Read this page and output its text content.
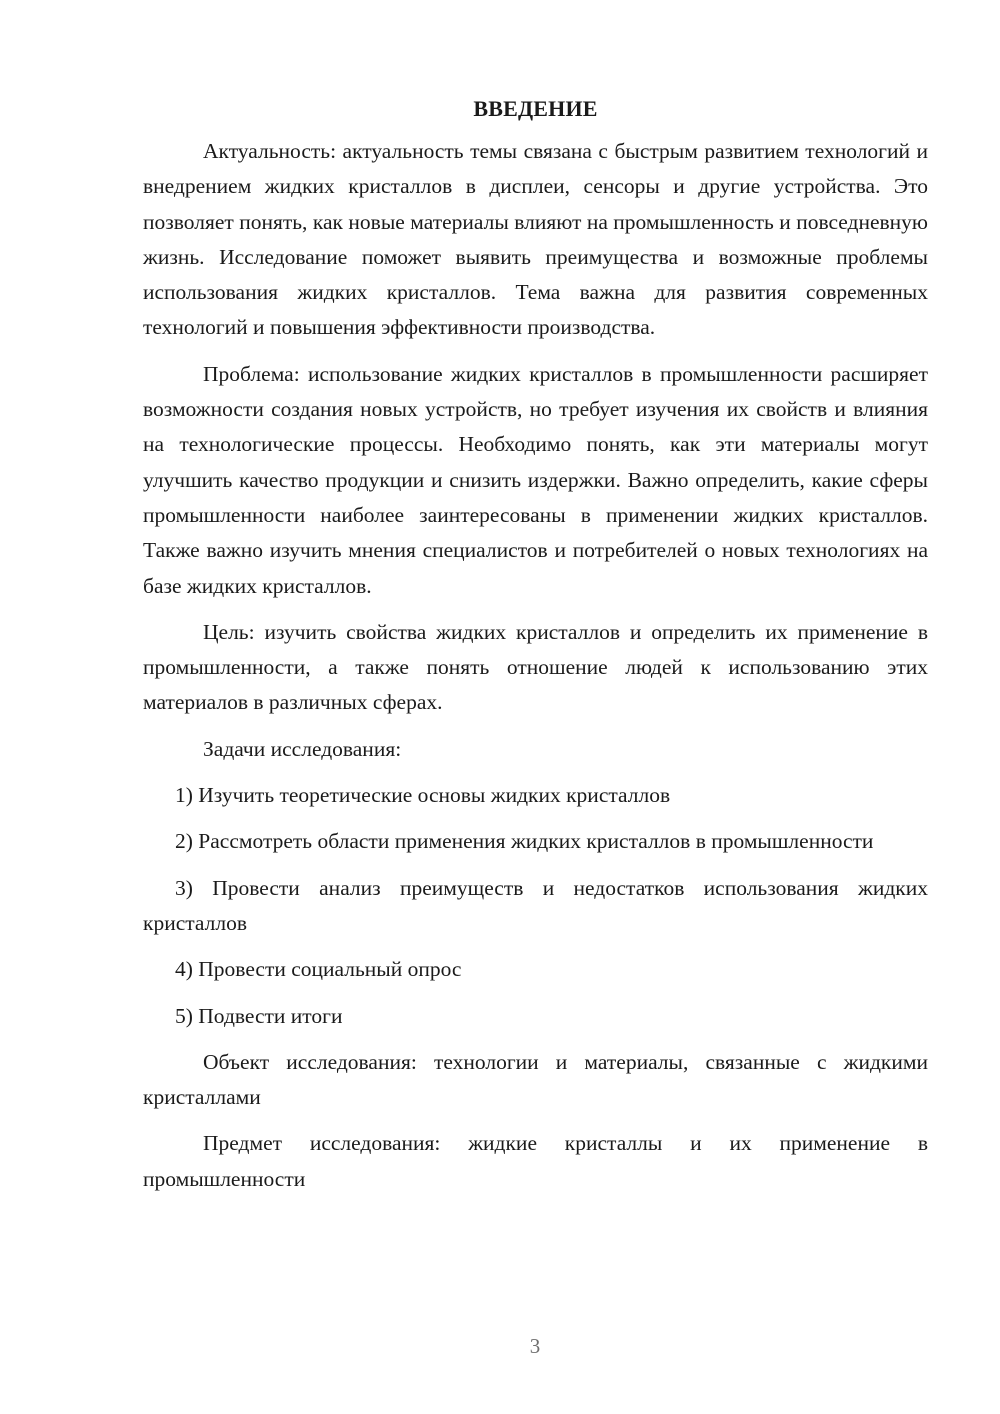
ВВЕДЕНИЕ

Актуальность: актуальность темы связана с быстрым развитием технологий и внедрением жидких кристаллов в дисплеи, сенсоры и другие устройства. Это позволяет понять, как новые материалы влияют на промышленность и повседневную жизнь. Исследование поможет выявить преимущества и возможные проблемы использования жидких кристаллов. Тема важна для развития современных технологий и повышения эффективности производства.

Проблема: использование жидких кристаллов в промышленности расширяет возможности создания новых устройств, но требует изучения их свойств и влияния на технологические процессы. Необходимо понять, как эти материалы могут улучшить качество продукции и снизить издержки. Важно определить, какие сферы промышленности наиболее заинтересованы в применении жидких кристаллов. Также важно изучить мнения специалистов и потребителей о новых технологиях на базе жидких кристаллов.

Цель: изучить свойства жидких кристаллов и определить их применение в промышленности, а также понять отношение людей к использованию этих материалов в различных сферах.

Задачи исследования:

1) Изучить теоретические основы жидких кристаллов

2) Рассмотреть области применения жидких кристаллов в промышленности

3) Провести анализ преимуществ и недостатков использования жидких кристаллов

4) Провести социальный опрос

5) Подвести итоги

Объект исследования: технологии и материалы, связанные с жидкими кристаллами

Предмет исследования: жидкие кристаллы и их применение в промышленности

3
